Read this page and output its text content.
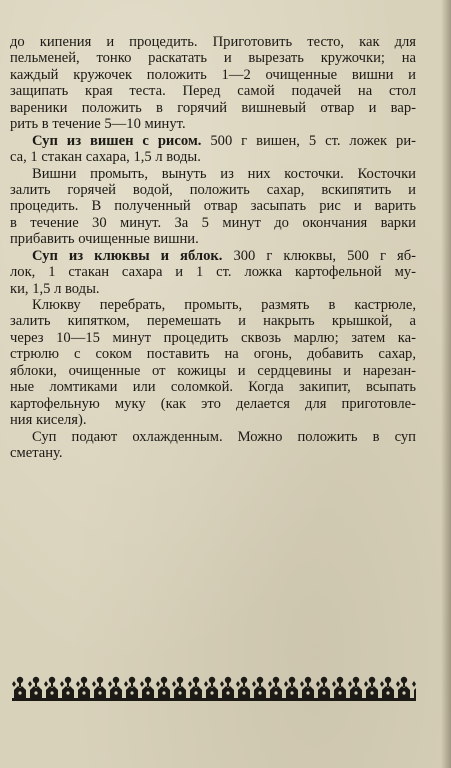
до кипения и процедить. Приготовить тесто, как для
пельменей, тонко раскатать и вырезать кружочки; на
каждый кружочек положить 1—2 очищенные вишни и
защипать края теста. Перед самой подачей на стол
вареники положить в горячий вишневый отвар и вар-
рить в течение 5—10 минут.
Суп из вишен с рисом. 500 г вишен, 5 ст. ложек ри-
са, 1 стакан сахара, 1,5 л воды.
Вишни промыть, вынуть из них косточки. Косточки
залить горячей водой, положить сахар, вскипятить и
процедить. В полученный отвар засыпать рис и варить
в течение 30 минут. За 5 минут до окончания варки
прибавить очищенные вишни.
Суп из клюквы и яблок. 300 г клюквы, 500 г яб-
лок, 1 стакан сахара и 1 ст. ложка картофельной му-
ки, 1,5 л воды.
Клюкву перебрать, промыть, размять в кастрюле,
залить кипятком, перемешать и накрыть крышкой, а
через 10—15 минут процедить сквозь марлю; затем ка-
стрюлю с соком поставить на огонь, добавить сахар,
яблоки, очищенные от кожицы и сердцевины и нарезан-
ные ломтиками или соломкой. Когда закипит, всыпать
картофельную муку (как это делается для приготовле-
ния киселя).
Суп подают охлажденным. Можно положить в суп
сметану.
